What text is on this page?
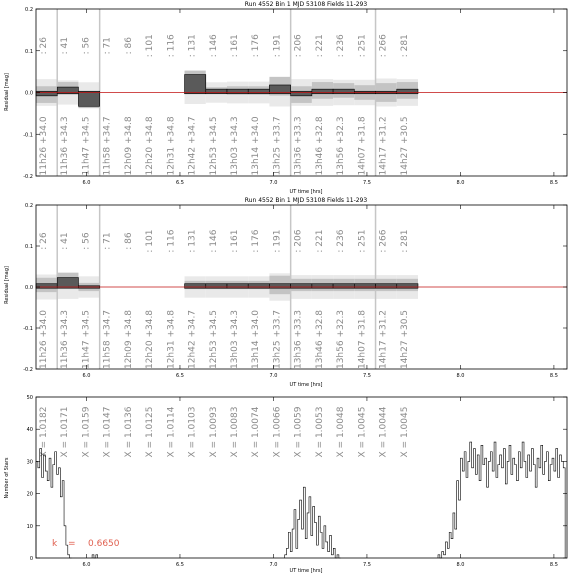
Run 4552 Bin 1 MJD 53108 Fields 11-293
: 26 : 41 : 56 : 71 : 86 : 101 : 116 : 131 : 146 : 161 : 176 : 191 : 206 : 221 : 236 : 251 : 266 : 281
11h26 +34.0 11h36 +34.3 11h47 +34.5 11h58 +34.7 12h09 +34.8 12h20 +34.8 12h31 +34.8 12h42 +34.7 12h53 +34.5 13h03 +34.3 13h14 +34.0 13h25 +33.7 13h36 +33.3 13h46 +32.8 13h56 +32.3 14h07 +31.8 14h17 +31.2 14h27 +30.5
6.0	6.5	7.0	7.5	8.0	8.5
-0.2
-0.1
0.0
0.1
0.2
UT time [hrs]
Residual [mag]
Run 4552 Bin 1 MJD 53108 Fields 11-293
: 26 : 41 : 56 : 71 : 86 : 101 : 116 : 131 : 146 : 161 : 176 : 191 : 206 : 221 : 236 : 251 : 266 : 281
11h26 +34.0 11h36 +34.3 11h47 +34.5 11h58 +34.7 12h09 +34.8 12h20 +34.8 12h31 +34.8 12h42 +34.7 12h53 +34.5 13h03 +34.3 13h14 +34.0 13h25 +33.7 13h36 +33.3 13h46 +32.8 13h56 +32.3 14h07 +31.8 14h17 +31.2 14h27 +30.5
6.0	6.5	7.0	7.5	8.0	8.5
-0.2
-0.1
0.0
0.1
0.2
UT time [hrs]
Residual [mag]
X = 1.0182 X = 1.0171 X = 1.0159 X = 1.0147 X = 1.0136 X = 1.0125 X = 1.0114 X = 1.0103 X = 1.0093 X = 1.0083 X = 1.0074 X = 1.0066 X = 1.0059 X = 1.0053 X = 1.0048 X = 1.0045 X = 1.0044 X = 1.0045
6.0	6.5	7.0	7.5	8.0	8.5
0
10
20
30
40
50
k = 0.6650
UT time [hrs]
Number of Stars
